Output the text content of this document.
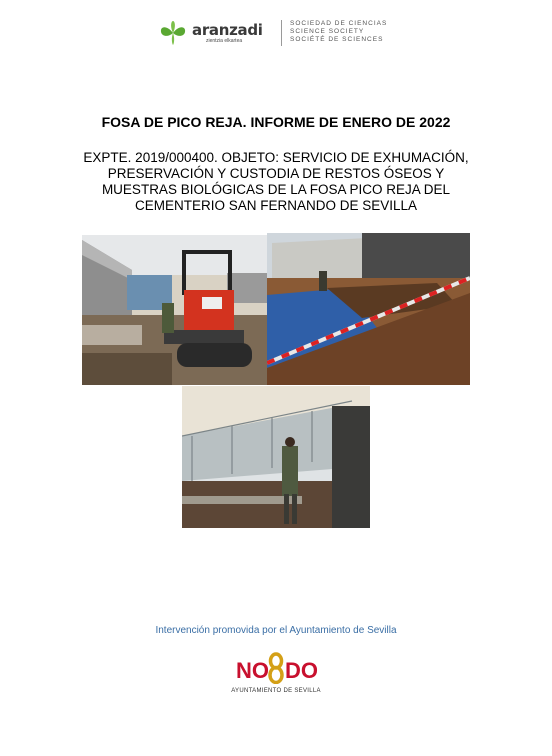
aranzadi
zientzia elkartea
SOCIEDAD DE CIENCIAS
SCIENCE SOCIETY
SOCIÉTÉ DE SCIENCES
FOSA DE PICO REJA. INFORME DE ENERO DE 2022
EXPTE. 2019/000400. OBJETO: SERVICIO DE EXHUMACIÓN,
PRESERVACIÓN Y CUSTODIA DE RESTOS ÓSEOS Y
MUESTRAS BIOLÓGICAS DE LA FOSA PICO REJA DEL
CEMENTERIO SAN FERNANDO DE SEVILLA
Intervención promovida por el Ayuntamiento de Sevilla
NO DO
AYUNTAMIENTO DE SEVILLA
